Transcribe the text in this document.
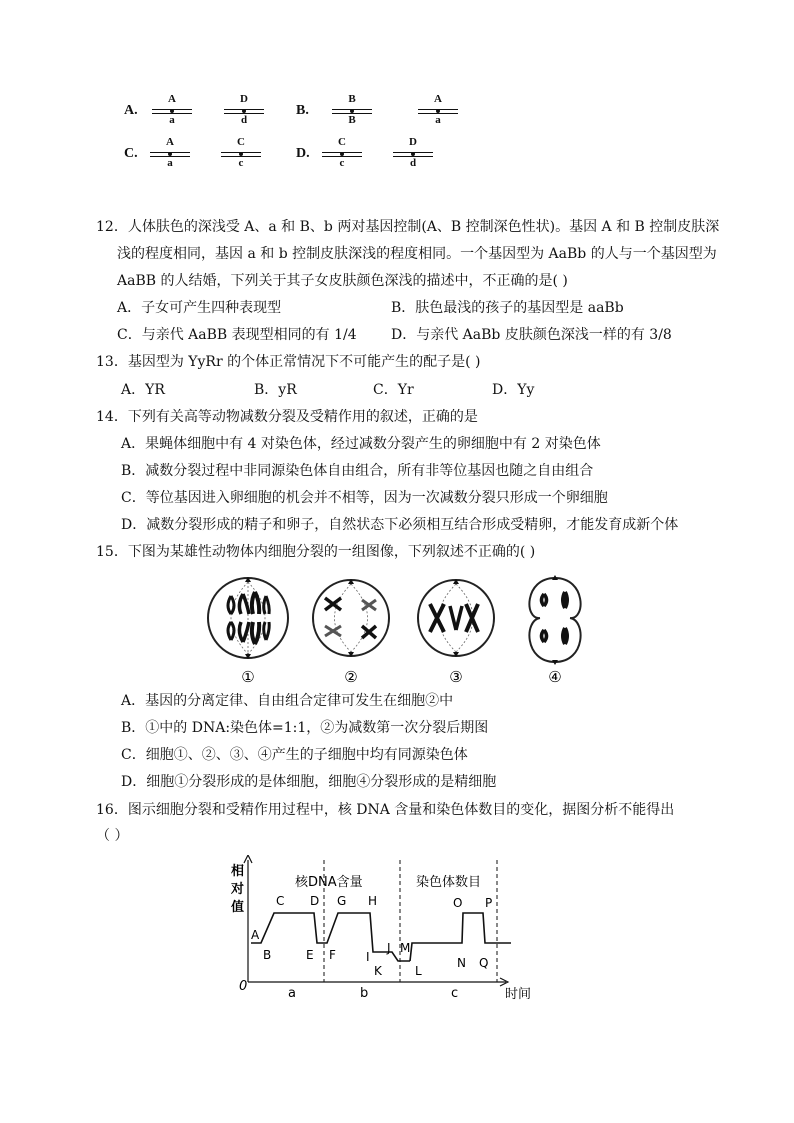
A.
A
a
D
d
B.
B
B
A
a
C.
A
a
C
c
D.
C
c
D
d
12．人体肤色的深浅受 A、a 和 B、b 两对基因控制(A、B 控制深色性状)。基因 A 和 B 控制皮肤深
浅的程度相同，基因 a 和 b 控制皮肤深浅的程度相同。一个基因型为 AaBb 的人与一个基因型为
AaBB 的人结婚，下列关于其子女皮肤颜色深浅的描述中，不正确的是( )
A．子女可产生四种表现型	B．肤色最浅的孩子的基因型是 aaBb
C．与亲代 AaBB 表现型相同的有 1/4 D．与亲代 AaBb 皮肤颜色深浅一样的有 3/8
13．基因型为 YyRr 的个体正常情况下不可能产生的配子是( )
A．YR	B．yR	C．Yr	D．Yy
14．下列有关高等动物减数分裂及受精作用的叙述，正确的是
A．果蝇体细胞中有 4 对染色体，经过减数分裂产生的卵细胞中有 2 对染色体
B．减数分裂过程中非同源染色体自由组合，所有非等位基因也随之自由组合
C．等位基因进入卵细胞的机会并不相等，因为一次减数分裂只形成一个卵细胞
D．减数分裂形成的精子和卵子，自然状态下必须相互结合形成受精卵，才能发育成新个体
15．下图为某雄性动物体内细胞分裂的一组图像，下列叙述不正确的( )
①	②	③	④
A．基因的分离定律、自由组合定律可发生在细胞②中
B．①中的 DNA:染色体=1:1，②为减数第一次分裂后期图
C．细胞①、②、③、④产生的子细胞中均有同源染色体
D．细胞①分裂形成的是体细胞，细胞④分裂形成的是精细胞
16．图示细胞分裂和受精作用过程中，核 DNA 含量和染色体数目的变化，据图分析不能得出
（ ）
相
对
值
0
时间
核DNA含量	染色体数目
a	b	c
A
B
C D
E F
G H
I
J
K
M
L
O
N
P
Q
